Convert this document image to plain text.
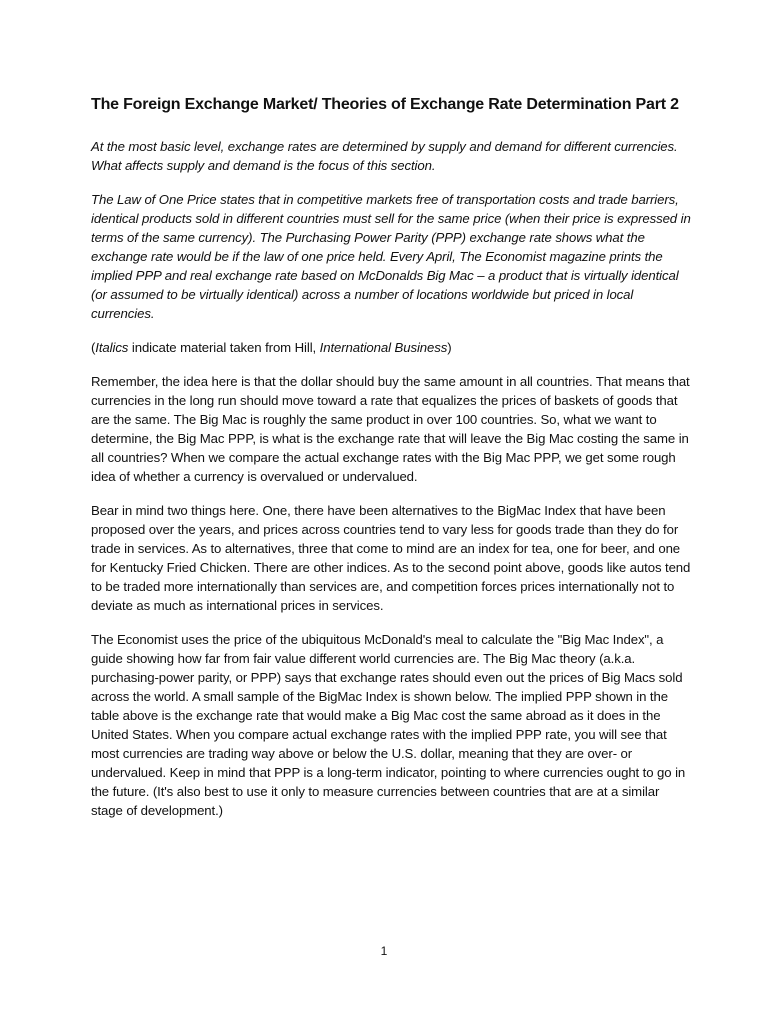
The Foreign Exchange Market/ Theories of Exchange Rate Determination Part 2

At the most basic level, exchange rates are determined by supply and demand for different currencies. What affects supply and demand is the focus of this section.

The Law of One Price states that in competitive markets free of transportation costs and trade barriers, identical products sold in different countries must sell for the same price (when their price is expressed in terms of the same currency). The Purchasing Power Parity (PPP) exchange rate shows what the exchange rate would be if the law of one price held. Every April, The Economist magazine prints the implied PPP and real exchange rate based on McDonalds Big Mac – a product that is virtually identical (or assumed to be virtually identical) across a number of locations worldwide but priced in local currencies.

(Italics indicate material taken from Hill, International Business)

Remember, the idea here is that the dollar should buy the same amount in all countries. That means that currencies in the long run should move toward a rate that equalizes the prices of baskets of goods that are the same. The Big Mac is roughly the same product in over 100 countries. So, what we want to determine, the Big Mac PPP, is what is the exchange rate that will leave the Big Mac costing the same in all countries? When we compare the actual exchange rates with the Big Mac PPP, we get some rough idea of whether a currency is overvalued or undervalued.

Bear in mind two things here. One, there have been alternatives to the BigMac Index that have been proposed over the years, and prices across countries tend to vary less for goods trade than they do for trade in services. As to alternatives, three that come to mind are an index for tea, one for beer, and one for Kentucky Fried Chicken. There are other indices. As to the second point above, goods like autos tend to be traded more internationally than services are, and competition forces prices internationally not to deviate as much as international prices in services.

The Economist uses the price of the ubiquitous McDonald's meal to calculate the "Big Mac Index", a guide showing how far from fair value different world currencies are. The Big Mac theory (a.k.a. purchasing-power parity, or PPP) says that exchange rates should even out the prices of Big Macs sold across the world. A small sample of the BigMac Index is shown below. The implied PPP shown in the table above is the exchange rate that would make a Big Mac cost the same abroad as it does in the United States. When you compare actual exchange rates with the implied PPP rate, you will see that most currencies are trading way above or below the U.S. dollar, meaning that they are over- or undervalued. Keep in mind that PPP is a long-term indicator, pointing to where currencies ought to go in the future. (It's also best to use it only to measure currencies between countries that are at a similar stage of development.)

1
